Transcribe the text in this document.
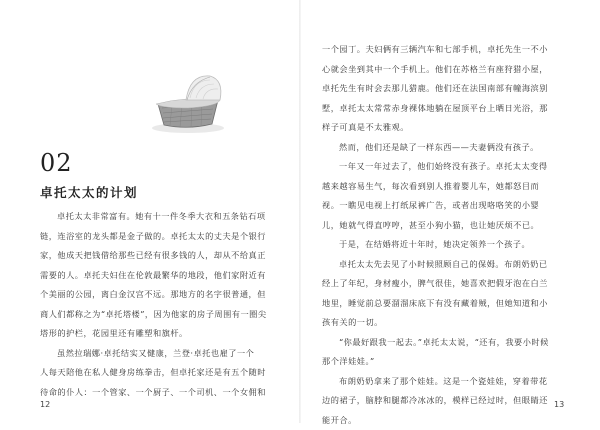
02
卓托太太的计划
卓托太太非常富有。她有十一件冬季大衣和五条钻石项
链，连浴室的龙头都是金子做的。卓托太太的丈夫是个银行
家，他成天把钱借给那些已经有很多钱的人，却从不给真正
需要的人。卓托夫妇住在伦敦最繁华的地段，他们家附近有
个美丽的公园，离白金汉宫不远。那地方的名字很普通，但
商人们都称之为“卓托塔楼”，因为他家的房子周围有一圈尖
塔形的护栏，花园里还有雕塑和旗杆。
虽然拉瑞娜·卓托结实又健康，兰登·卓托也雇了一个
人每天陪他在私人健身房练拳击，但卓托家还是有五个随时
待命的仆人：一个管家、一个厨子、一个司机、一个女佣和
12
一个园丁。夫妇俩有三辆汽车和七部手机，卓托先生一不小
心就会坐到其中一个手机上。他们在苏格兰有座狩猎小屋，
卓托先生有时会去那儿猎鹿。他们还在法国南部有幢海滨别
墅，卓托太太常常赤身裸体地躺在屋顶平台上晒日光浴，那
样子可真是不太雅观。
然而，他们还是缺了一样东西——夫妻俩没有孩子。
一年又一年过去了，他们始终没有孩子。卓托太太变得
越来越容易生气，每次看到别人推着婴儿车，她都怒目而
视。一瞧见电视上打纸尿裤广告，或者出现咯咯笑的小婴
儿，她就气得直哼哼，甚至小狗小猫，也让她厌烦不已。
于是，在结婚将近十年时，她决定领养一个孩子。
卓托太太先去见了小时候照顾自己的保姆。布朗奶奶已
经上了年纪，身材瘦小，脾气很佳，她喜欢把假牙泡在白兰
地里，睡觉前总要溜溜床底下有没有藏着贼，但她知道和小
孩有关的一切。
“你最好跟我一起去。”卓托太太说，“还有，我要小时候
那个洋娃娃。”
布朗奶奶拿来了那个娃娃。这是一个瓷娃娃，穿着带花
边的裙子，脑脖和腿都冷冰冰的，模样已经过时，但眼睛还
能开合。
13
